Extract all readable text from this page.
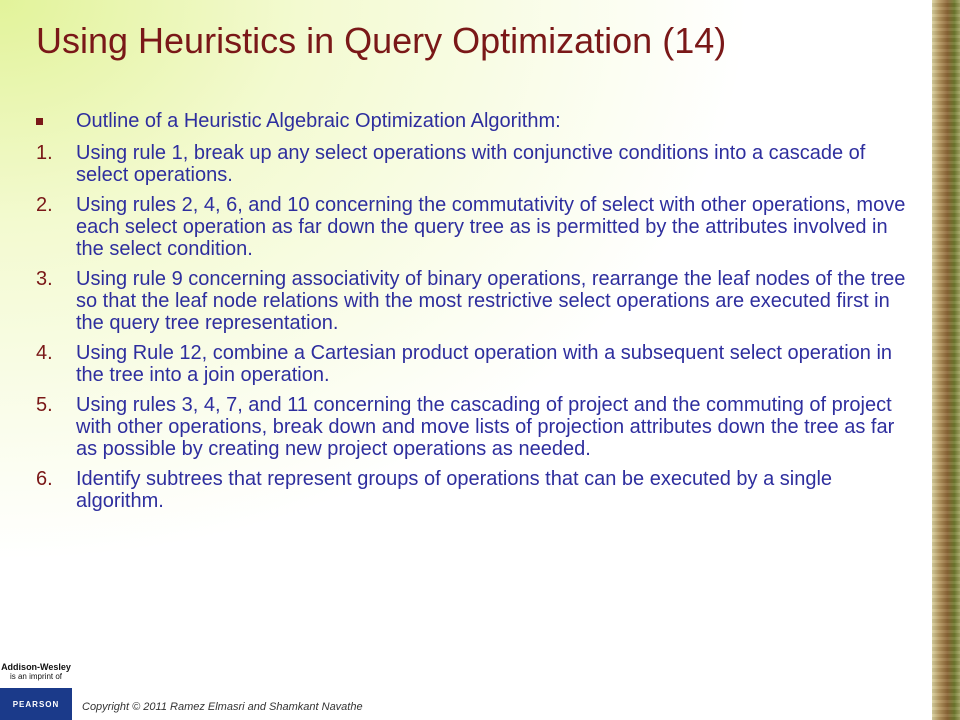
Using Heuristics in Query Optimization (14)
Outline of a Heuristic Algebraic Optimization Algorithm:
1. Using rule 1, break up any select operations with conjunctive conditions into a cascade of select operations.
2. Using rules 2, 4, 6, and 10 concerning the commutativity of select with other operations, move each select operation as far down the query tree as is permitted by the attributes involved in the select condition.
3. Using rule 9 concerning associativity of binary operations, rearrange the leaf nodes of the tree so that the leaf node relations with the most restrictive select operations are executed first in the query tree representation.
4. Using Rule 12, combine a Cartesian product operation with a subsequent select operation in the tree into a join operation.
5. Using rules 3, 4, 7, and 11 concerning the cascading of project and the commuting of project with other operations, break down and move lists of projection attributes down the tree as far as possible by creating new project operations as needed.
6. Identify subtrees that represent groups of operations that can be executed by a single algorithm.
Addison-Wesley
is an imprint of
PEARSON	Copyright © 2011 Ramez Elmasri and Shamkant Navathe
